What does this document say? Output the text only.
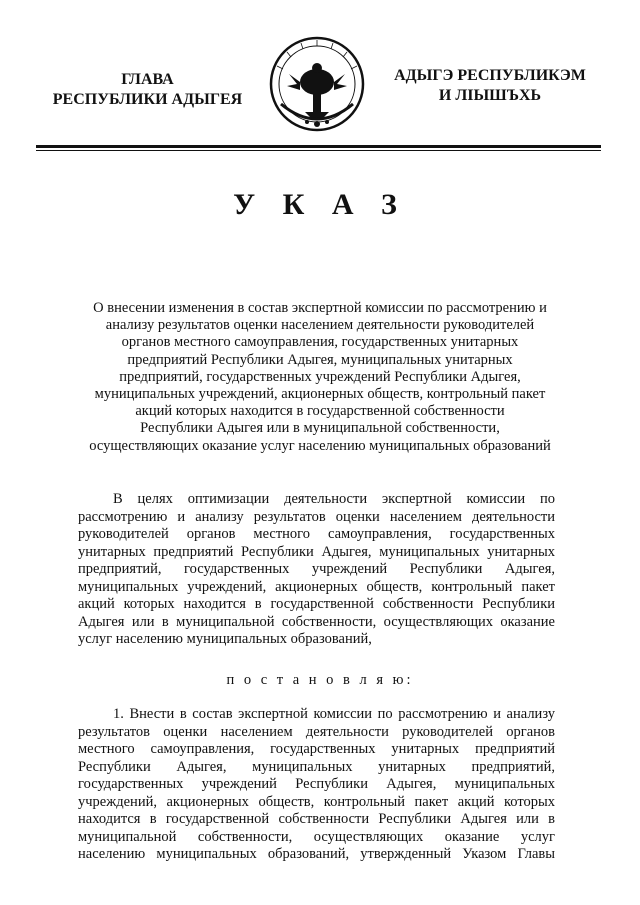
ГЛАВА
РЕСПУБЛИКИ АДЫГЕЯ
АДЫГЭ РЕСПУБЛИКЭМ
И ЛІЫШЪХЬ
У К А З
О внесении изменения в состав экспертной комиссии по рассмотрению и
анализу результатов оценки населением деятельности руководителей
органов местного самоуправления, государственных унитарных
предприятий Республики Адыгея, муниципальных унитарных
предприятий, государственных учреждений Республики Адыгея,
муниципальных учреждений, акционерных обществ, контрольный пакет
акций которых находится в государственной собственности
Республики Адыгея или в муниципальной собственности,
осуществляющих оказание услуг населению муниципальных образований
В целях оптимизации деятельности экспертной комиссии по
рассмотрению и анализу результатов оценки населением деятельности
руководителей органов местного самоуправления, государственных
унитарных предприятий Республики Адыгея, муниципальных унитарных
предприятий, государственных учреждений Республики Адыгея,
муниципальных учреждений, акционерных обществ, контрольный пакет
акций которых находится в государственной собственности Республики
Адыгея или в муниципальной собственности, осуществляющих оказание
услуг населению муниципальных образований,
п о с т а н о в л я ю:
1. Внести в состав экспертной комиссии по рассмотрению и анализу
результатов оценки населением деятельности руководителей органов
местного самоуправления, государственных унитарных предприятий
Республики Адыгея, муниципальных унитарных предприятий,
государственных учреждений Республики Адыгея, муниципальных
учреждений, акционерных обществ, контрольный пакет акций которых
находится в государственной собственности Республики Адыгея или в
муниципальной собственности, осуществляющих оказание услуг
населению муниципальных образований, утвержденный Указом Главы
